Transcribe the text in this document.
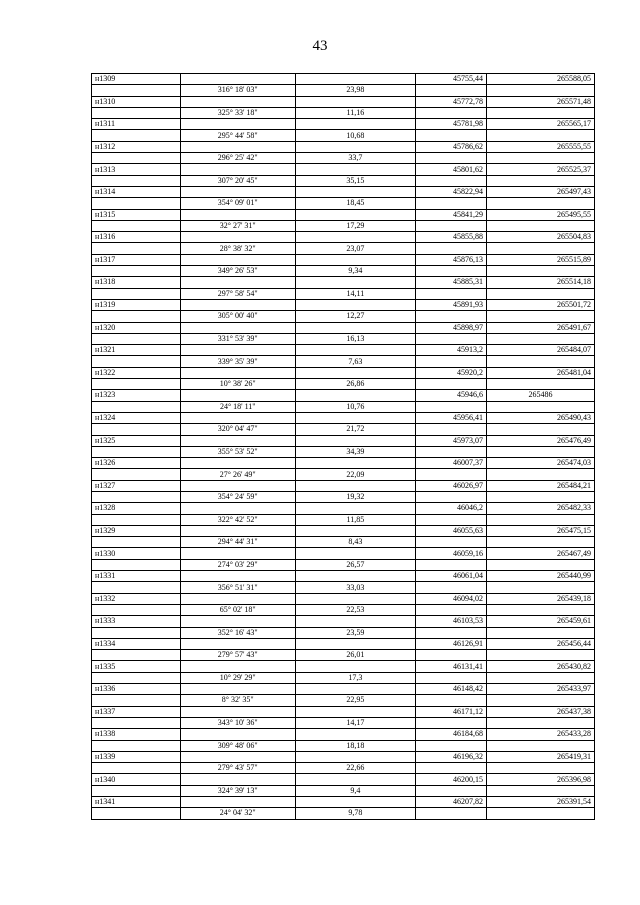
43
н1309			45755,44	265588,05
	316° 18' 03"	23,98		
н1310			45772,78	265571,48
	325° 33' 18"	11,16		
н1311			45781,98	265565,17
	295° 44' 58"	10,68		
н1312			45786,62	265555,55
	296° 25' 42"	33,7		
н1313			45801,62	265525,37
	307° 20' 45"	35,15		
н1314			45822,94	265497,43
	354° 09' 01"	18,45		
н1315			45841,29	265495,55
	32° 27' 31"	17,29		
н1316			45855,88	265504,83
	28° 38' 32"	23,07		
н1317			45876,13	265515,89
	349° 26' 53"	9,34		
н1318			45885,31	265514,18
	297° 58' 54"	14,11		
н1319			45891,93	265501,72
	305° 00' 40"	12,27		
н1320			45898,97	265491,67
	331° 53' 39"	16,13		
н1321			45913,2	265484,07
	339° 35' 39"	7,63		
н1322			45920,2	265481,04
	10° 38' 26"	26,86		
н1323			45946,6	265486
	24° 18' 11"	10,76		
н1324			45956,41	265490,43
	320° 04' 47"	21,72		
н1325			45973,07	265476,49
	355° 53' 52"	34,39		
н1326			46007,37	265474,03
	27° 26' 49"	22,09		
н1327			46026,97	265484,21
	354° 24' 59"	19,32		
н1328			46046,2	265482,33
	322° 42' 52"	11,85		
н1329			46055,63	265475,15
	294° 44' 31"	8,43		
н1330			46059,16	265467,49
	274° 03' 29"	26,57		
н1331			46061,04	265440,99
	356° 51' 31"	33,03		
н1332			46094,02	265439,18
	65° 02' 18"	22,53		
н1333			46103,53	265459,61
	352° 16' 43"	23,59		
н1334			46126,91	265456,44
	279° 57' 43"	26,01		
н1335			46131,41	265430,82
	10° 29' 29"	17,3		
н1336			46148,42	265433,97
	8° 32' 35"	22,95		
н1337			46171,12	265437,38
	343° 10' 36"	14,17		
н1338			46184,68	265433,28
	309° 48' 06"	18,18		
н1339			46196,32	265419,31
	279° 43' 57"	22,66		
н1340			46200,15	265396,98
	324° 39' 13"	9,4		
н1341			46207,82	265391,54
	24° 04' 32"	9,78		
